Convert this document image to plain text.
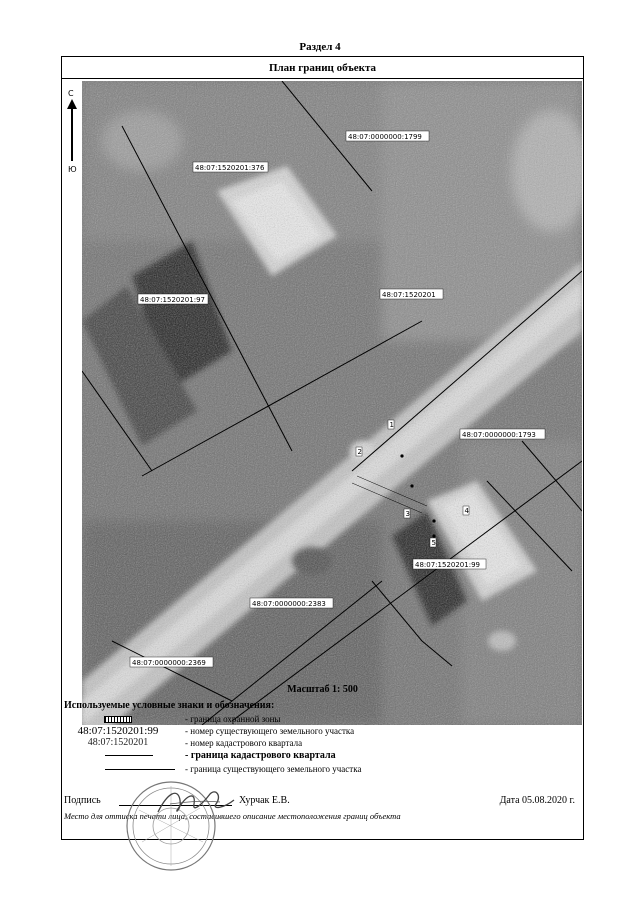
Раздел 4
План границ объекта
С
Ю
1
2
3	4
5
48:07:0000000:1799
48:07:1520201:376
48:07:1520201:97
48:07:1520201
48:07:0000000:1793
48:07:1520201:99
48:07:0000000:2383
48:07:0000000:2369
Масштаб 1: 500
Используемые условные знаки и обозначения:
- граница охранной зоны
48:07:1520201:99	- номер существующего земельного участка
48:07:1520201	- номер кадастрового квартала
- граница кадастрового квартала
- граница существующего земельного участка
Подпись	Хурчак Е.В.	Дата 05.08.2020 г.
Место для оттиска печати лица, составившего описание местоположения границ объекта
